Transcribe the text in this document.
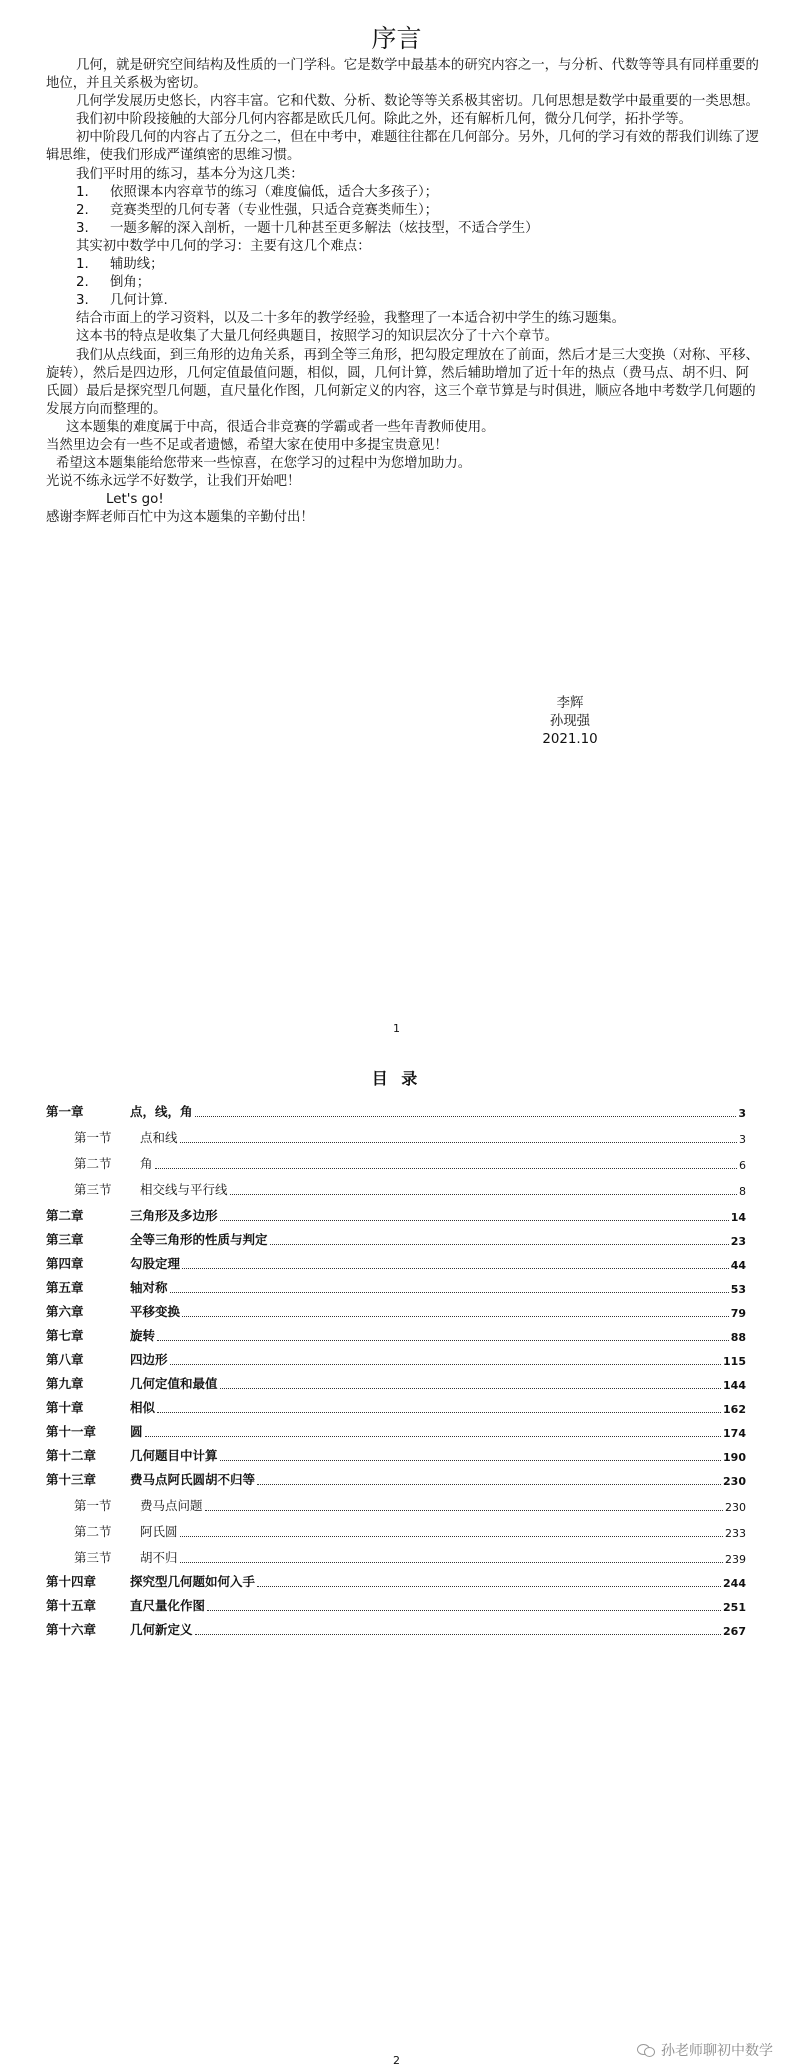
序言

几何，就是研究空间结构及性质的一门学科。它是数学中最基本的研究内容之一，与分析、代数等等具有同样重要的地位，并且关系极为密切。

几何学发展历史悠长，内容丰富。它和代数、分析、数论等等关系极其密切。几何思想是数学中最重要的一类思想。

我们初中阶段接触的大部分几何内容都是欧氏几何。除此之外，还有解析几何，微分几何学，拓扑学等。

初中阶段几何的内容占了五分之二，但在中考中，难题往往都在几何部分。另外，几何的学习有效的帮我们训练了逻辑思维，使我们形成严谨缜密的思维习惯。

我们平时用的练习，基本分为这几类：

1. 依照课本内容章节的练习（难度偏低，适合大多孩子）；

2. 竞赛类型的几何专著（专业性强，只适合竞赛类师生）；

3. 一题多解的深入剖析，一题十几种甚至更多解法（炫技型，不适合学生）

其实初中数学中几何的学习：主要有这几个难点：

1. 辅助线；

2. 倒角；

3. 几何计算.

结合市面上的学习资料，以及二十多年的教学经验，我整理了一本适合初中学生的练习题集。

这本书的特点是收集了大量几何经典题目，按照学习的知识层次分了十六个章节。

我们从点线面，到三角形的边角关系，再到全等三角形，把勾股定理放在了前面，然后才是三大变换（对称、平移、旋转），然后是四边形，几何定值最值问题，相似，圆，几何计算，然后辅助增加了近十年的热点（费马点、胡不归、阿氏圆）最后是探究型几何题，直尺量化作图，几何新定义的内容，这三个章节算是与时俱进，顺应各地中考数学几何题的发展方向而整理的。

这本题集的难度属于中高，很适合非竞赛的学霸或者一些年青教师使用。

当然里边会有一些不足或者遗憾，希望大家在使用中多提宝贵意见！

希望这本题集能给您带来一些惊喜，在您学习的过程中为您增加助力。

光说不练永远学不好数学，让我们开始吧！

Let's go!

感谢李辉老师百忙中为这本题集的辛勤付出！

李辉
孙现强
2021.10
1
目 录
第一章	点，线，角	3
第一节	点和线	3
第二节	角	6
第三节	相交线与平行线	8
第二章	三角形及多边形	14
第三章	全等三角形的性质与判定	23
第四章	勾股定理	44
第五章	轴对称	53
第六章	平移变换	79
第七章	旋转	88
第八章	四边形	115
第九章	几何定值和最值	144
第十章	相似	162
第十一章	圆	174
第十二章	几何题目中计算	190
第十三章	费马点阿氏圆胡不归等	230
第一节	费马点问题	230
第二节	阿氏圆	233
第三节	胡不归	239
第十四章	探究型几何题如何入手	244
第十五章	直尺量化作图	251
第十六章	几何新定义	267
2
孙老师聊初中数学
